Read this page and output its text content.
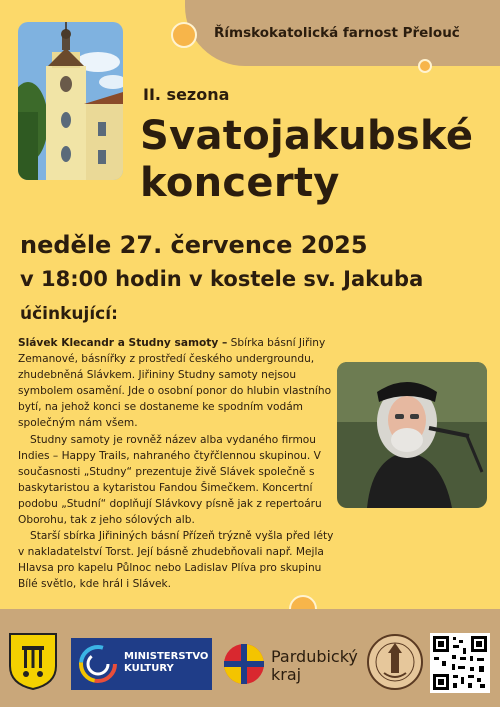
Římskokatolická farnost Přelouč
II. sezona
Svatojakubské
koncerty
neděle 27. července 2025
v 18:00 hodin v kostele sv. Jakuba
účinkující:

Slávek Klecandr a Studny samoty – Sbírka básní Jiřiny Zemanové, básnířky z prostředí českého undergroundu, zhudebněná Slávkem. Jiřininy Studny samoty nejsou symbolem osamění. Jde o osobní ponor do hlubin vlastního bytí, na jehož konci se dostaneme ke spodním vodám společným nám všem.

Studny samoty je rovněž název alba vydaného firmou Indies – Happy Trails, nahraného čtyřčlennou skupinou. V současnosti „Studny“ prezentuje živě Slávek společně s baskytaristou a kytaristou Fandou Šimečkem. Koncertní podobu „Studní“ doplňují Slávkovy písně jak z repertoáru Oborohu, tak z jeho sólových alb.

Starší sbírka Jiřininých básní Přízeň trýzně vyšla před léty v nakladatelství Torst. Její básně zhudebňovali např. Mejla Hlavsa pro kapelu Půlnoc nebo Ladislav Plíva pro skupinu Bílé světlo, kde hrál i Slávek.

MINISTERSTVO
KULTURY
Pardubický
kraj
